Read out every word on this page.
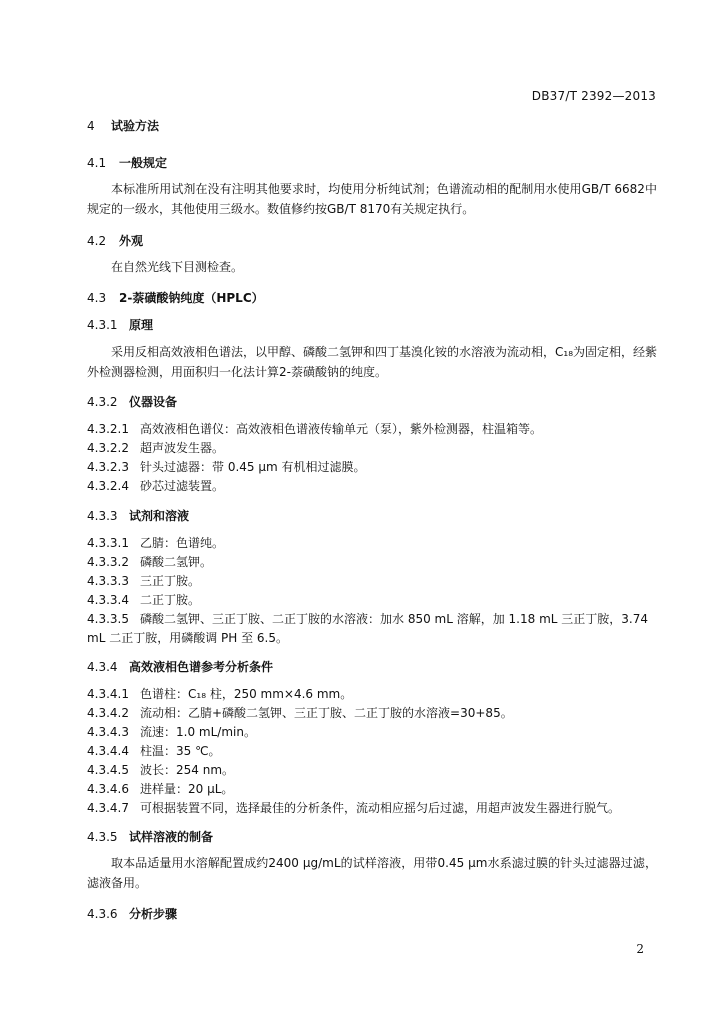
DB37/T 2392—2013
4 试验方法
4.1 一般规定
本标准所用试剂在没有注明其他要求时，均使用分析纯试剂；色谱流动相的配制用水使用GB/T 6682中规定的一级水，其他使用三级水。数值修约按GB/T 8170有关规定执行。
4.2 外观
在自然光线下目测检查。
4.3 2-萘磺酸钠纯度（HPLC）
4.3.1 原理
采用反相高效液相色谱法，以甲醇、磷酸二氢钾和四丁基溴化铵的水溶液为流动相，C₁₈为固定相，经紫外检测器检测，用面积归一化法计算2-萘磺酸钠的纯度。
4.3.2 仪器设备
4.3.2.1 高效液相色谱仪：高效液相色谱液传输单元（泵），紫外检测器，柱温箱等。
4.3.2.2 超声波发生器。
4.3.2.3 针头过滤器：带 0.45 μm 有机相过滤膜。
4.3.2.4 砂芯过滤装置。
4.3.3 试剂和溶液
4.3.3.1 乙腈：色谱纯。
4.3.3.2 磷酸二氢钾。
4.3.3.3 三正丁胺。
4.3.3.4 二正丁胺。
4.3.3.5 磷酸二氢钾、三正丁胺、二正丁胺的水溶液：加水 850 mL 溶解，加 1.18 mL 三正丁胺，3.74
mL 二正丁胺，用磷酸调 PH 至 6.5。
4.3.4 高效液相色谱参考分析条件
4.3.4.1 色谱柱：C₁₈ 柱，250 mm×4.6 mm。
4.3.4.2 流动相：乙腈+磷酸二氢钾、三正丁胺、二正丁胺的水溶液=30+85。
4.3.4.3 流速：1.0 mL/min。
4.3.4.4 柱温：35 ℃。
4.3.4.5 波长：254 nm。
4.3.4.6 进样量：20 μL。
4.3.4.7 可根据装置不同，选择最佳的分析条件，流动相应摇匀后过滤，用超声波发生器进行脱气。
4.3.5 试样溶液的制备
取本品适量用水溶解配置成约2400 μg/mL的试样溶液，用带0.45 μm水系滤过膜的针头过滤器过滤，滤液备用。
4.3.6 分析步骤
2
